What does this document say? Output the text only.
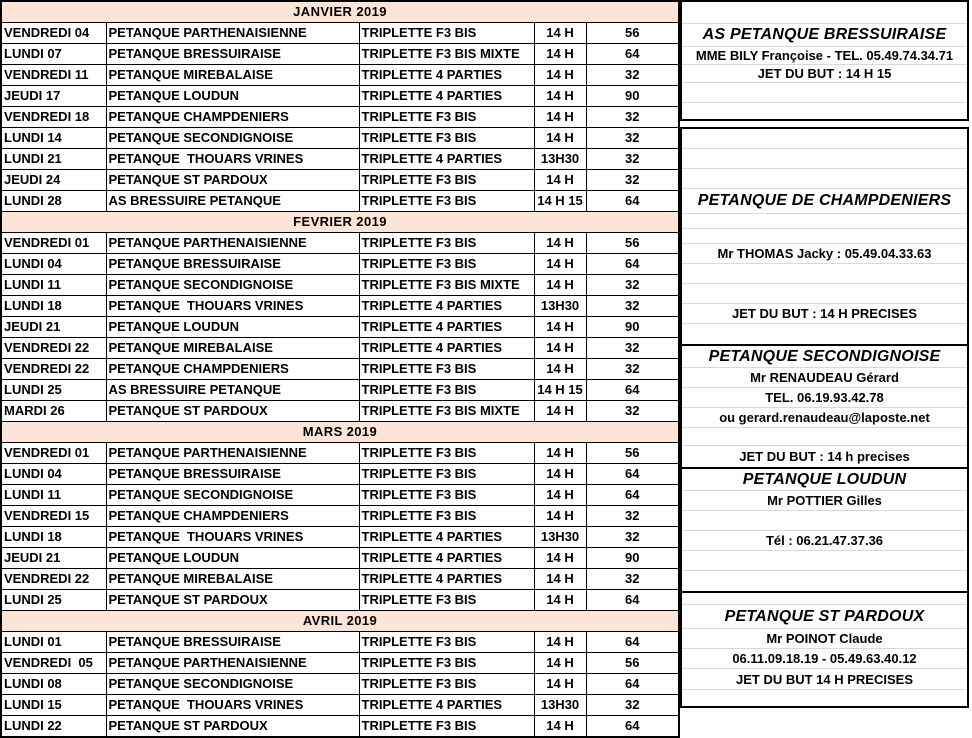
JANVIER 2019				
VENDREDI 04	PETANQUE PARTHENAISIENNE	TRIPLETTE F3 BIS	14 H	56
LUNDI 07	PETANQUE BRESSUIRAISE	TRIPLETTE F3 BIS MIXTE	14 H	64
VENDREDI 11	PETANQUE MIREBALAISE	TRIPLETTE 4 PARTIES	14 H	32
JEUDI 17	PETANQUE LOUDUN	TRIPLETTE 4 PARTIES	14 H	90
VENDREDI 18	PETANQUE CHAMPDENIERS	TRIPLETTE F3 BIS	14 H	32
LUNDI 14	PETANQUE SECONDIGNOISE	TRIPLETTE F3 BIS	14 H	32
LUNDI 21	PETANQUE  THOUARS VRINES	TRIPLETTE 4 PARTIES	13H30	32
JEUDI 24	PETANQUE ST PARDOUX	TRIPLETTE F3 BIS	14 H	32
LUNDI 28	AS BRESSUIRE PETANQUE	TRIPLETTE F3 BIS	14 H 15	64
FEVRIER 2019				
VENDREDI 01	PETANQUE PARTHENAISIENNE	TRIPLETTE F3 BIS	14 H	56
LUNDI 04	PETANQUE BRESSUIRAISE	TRIPLETTE F3 BIS	14 H	64
LUNDI 11	PETANQUE SECONDIGNOISE	TRIPLETTE F3 BIS MIXTE	14 H	32
LUNDI 18	PETANQUE  THOUARS VRINES	TRIPLETTE 4 PARTIES	13H30	32
JEUDI 21	PETANQUE LOUDUN	TRIPLETTE 4 PARTIES	14 H	90
VENDREDI 22	PETANQUE MIREBALAISE	TRIPLETTE 4 PARTIES	14 H	32
VENDREDI 22	PETANQUE CHAMPDENIERS	TRIPLETTE F3 BIS	14 H	32
LUNDI 25	AS BRESSUIRE PETANQUE	TRIPLETTE F3 BIS	14 H 15	64
MARDI 26	PETANQUE ST PARDOUX	TRIPLETTE F3 BIS MIXTE	14 H	32
MARS 2019				
VENDREDI 01	PETANQUE PARTHENAISIENNE	TRIPLETTE F3 BIS	14 H	56
LUNDI 04	PETANQUE BRESSUIRAISE	TRIPLETTE F3 BIS	14 H	64
LUNDI 11	PETANQUE SECONDIGNOISE	TRIPLETTE F3 BIS	14 H	64
VENDREDI 15	PETANQUE CHAMPDENIERS	TRIPLETTE F3 BIS	14 H	32
LUNDI 18	PETANQUE  THOUARS VRINES	TRIPLETTE 4 PARTIES	13H30	32
JEUDI 21	PETANQUE LOUDUN	TRIPLETTE 4 PARTIES	14 H	90
VENDREDI 22	PETANQUE MIREBALAISE	TRIPLETTE 4 PARTIES	14 H	32
LUNDI 25	PETANQUE ST PARDOUX	TRIPLETTE F3 BIS	14 H	64
AVRIL 2019				
LUNDI 01	PETANQUE BRESSUIRAISE	TRIPLETTE F3 BIS	14 H	64
VENDREDI  05	PETANQUE PARTHENAISIENNE	TRIPLETTE F3 BIS	14 H	56
LUNDI 08	PETANQUE SECONDIGNOISE	TRIPLETTE F3 BIS	14 H	64
LUNDI 15	PETANQUE  THOUARS VRINES	TRIPLETTE 4 PARTIES	13H30	32
LUNDI 22	PETANQUE ST PARDOUX	TRIPLETTE F3 BIS	14 H	64
AS PETANQUE BRESSUIRAISE
MME BILY Françoise - TEL. 05.49.74.34.71
JET DU BUT : 14 H 15
PETANQUE DE CHAMPDENIERS
Mr THOMAS Jacky : 05.49.04.33.63
JET DU BUT : 14 H PRECISES
PETANQUE SECONDIGNOISE
Mr RENAUDEAU Gérard
TEL. 06.19.93.42.78
ou gerard.renaudeau@laposte.net
JET DU BUT : 14 h precises
PETANQUE LOUDUN
Mr POTTIER Gilles
Tél : 06.21.47.37.36
PETANQUE ST PARDOUX
Mr POINOT Claude
06.11.09.18.19 - 05.49.63.40.12
JET DU BUT 14 H PRECISES
